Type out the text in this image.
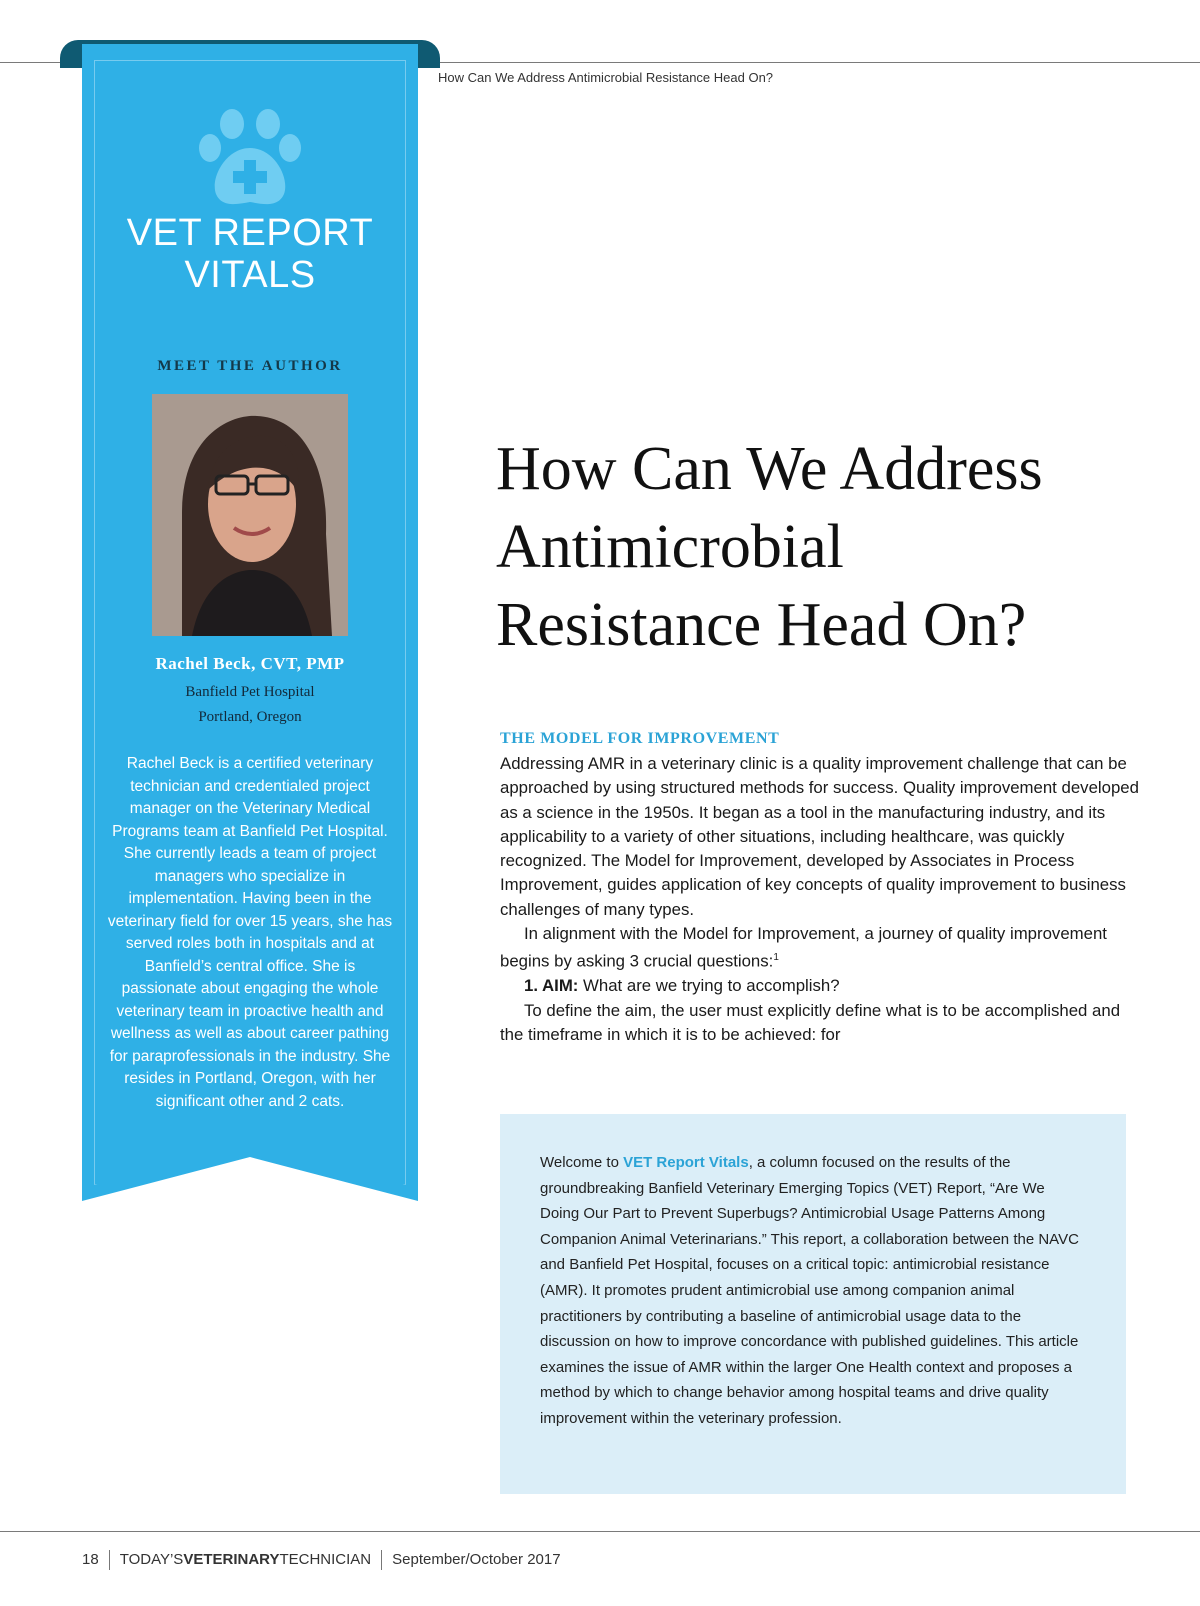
How Can We Address Antimicrobial Resistance Head On?
VET REPORT
VITALS
MEET THE AUTHOR
Rachel Beck, CVT, PMP
Banfield Pet Hospital
Portland, Oregon
Rachel Beck is a certified veterinary technician and credentialed project manager on the Veterinary Medical Programs team at Banfield Pet Hospital. She currently leads a team of project managers who specialize in implementation. Having been in the veterinary field for over 15 years, she has served roles both in hospitals and at Banfield’s central office. She is passionate about engaging the whole veterinary team in proactive health and wellness as well as about career pathing for paraprofessionals in the industry. She resides in Portland, Oregon, with her significant other and 2 cats.
How Can We Address
Antimicrobial
Resistance Head On?
THE MODEL FOR IMPROVEMENT

Addressing AMR in a veterinary clinic is a quality improvement challenge that can be approached by using structured methods for success. Quality improvement developed as a science in the 1950s. It began as a tool in the manufacturing industry, and its applicability to a variety of other situations, including healthcare, was quickly recognized. The Model for Improvement, developed by Associates in Process Improvement, guides application of key concepts of quality improvement to business challenges of many types.

In alignment with the Model for Improvement, a journey of quality improvement begins by asking 3 crucial questions:$^1$

1. AIM: What are we trying to accomplish?

To define the aim, the user must explicitly define what is to be accomplished and the timeframe in which it is to be achieved: for

Welcome to VET Report Vitals, a column focused on the results of the groundbreaking Banfield Veterinary Emerging Topics (VET) Report, “Are We Doing Our Part to Prevent Superbugs? Antimicrobial Usage Patterns Among Companion Animal Veterinarians.” This report, a collaboration between the NAVC and Banfield Pet Hospital, focuses on a critical topic: antimicrobial resistance (AMR). It promotes prudent antimicrobial use among companion animal practitioners by contributing a baseline of antimicrobial usage data to the discussion on how to improve concordance with published guidelines. This article examines the issue of AMR within the larger One Health context and proposes a method by which to change behavior among hospital teams and drive quality improvement within the veterinary profession.
18 TODAY’SVETERINARYTECHNICIAN September/October 2017
